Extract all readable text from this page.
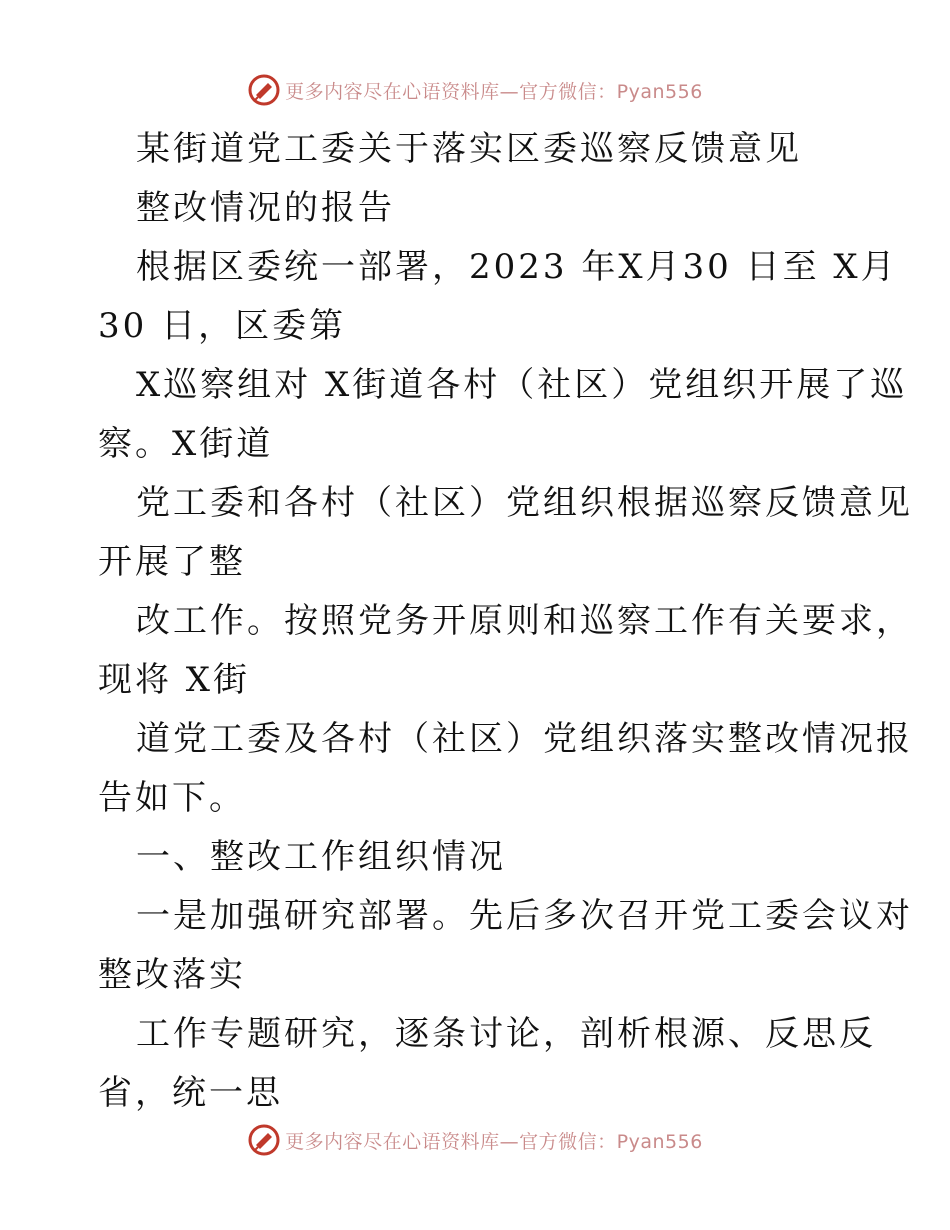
更多内容尽在心语资料库—官方微信：Pyan556
某街道党工委关于落实区委巡察反馈意见
整改情况的报告
根据区委统一部署，2023 年X月30 日至 X月
30 日，区委第
X巡察组对 X街道各村（社区）党组织开展了巡
察。X街道
党工委和各村（社区）党组织根据巡察反馈意见
开展了整
改工作。按照党务开原则和巡察工作有关要求，
现将 X街
道党工委及各村（社区）党组织落实整改情况报
告如下。
一、整改工作组织情况
一是加强研究部署。先后多次召开党工委会议对
整改落实
工作专题研究，逐条讨论，剖析根源、反思反
省，统一思
更多内容尽在心语资料库—官方微信：Pyan556
